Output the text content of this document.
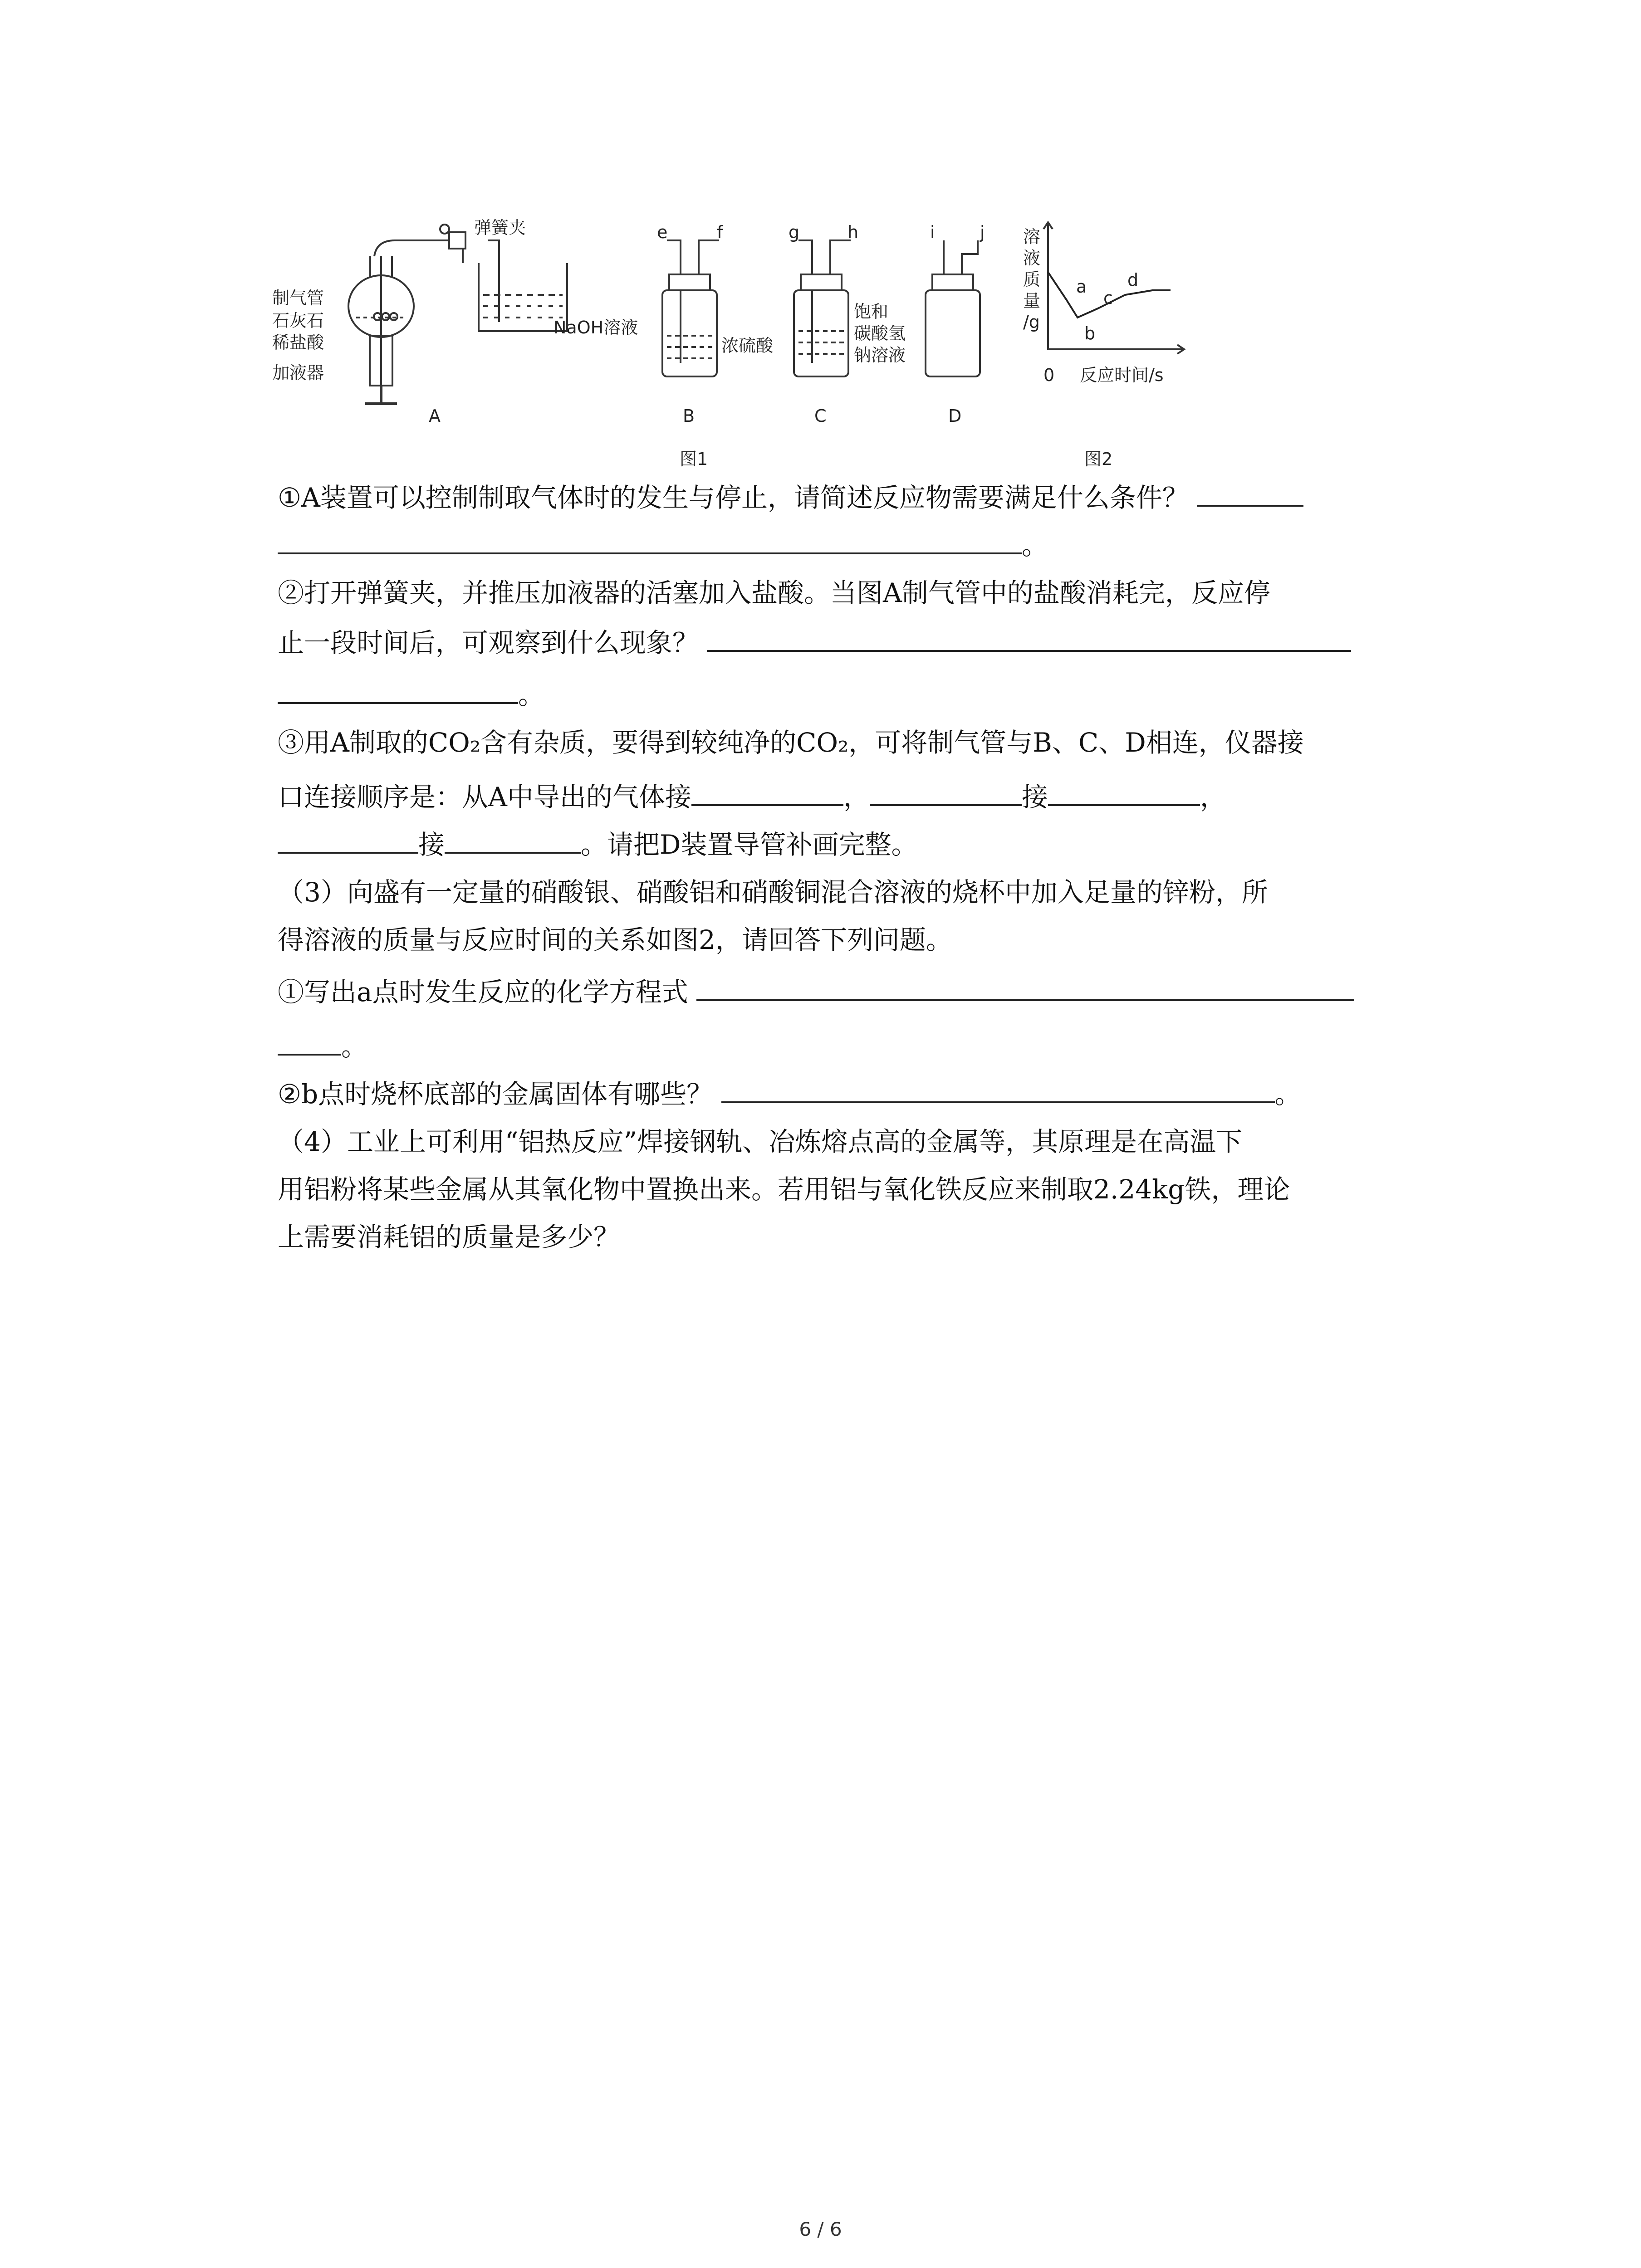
弹簧夹
制气管
石灰石
稀盐酸
加液器
NaOH溶液
A
e	f	g	h	i	j
浓硫酸
饱和
碳酸氢
钠溶液
B	C	D
图1
溶
液
质
量
/g
0 反应时间/s
a
b
c
d
图2
①A装置可以控制制取气体时的发生与停止，请简述反应物需要满足什么条件？
。
②打开弹簧夹，并推压加液器的活塞加入盐酸。当图A制气管中的盐酸消耗完，反应停
止一段时间后，可观察到什么现象？
。
③用A制取的CO₂含有杂质，要得到较纯净的CO₂，可将制气管与B、C、D相连，仪器接
口连接顺序是：从A中导出的气体接	，	接	，
接	。请把D装置导管补画完整。
（3）向盛有一定量的硝酸银、硝酸铝和硝酸铜混合溶液的烧杯中加入足量的锌粉，所
得溶液的质量与反应时间的关系如图2，请回答下列问题。
①写出a点时发生反应的化学方程式
。
②b点时烧杯底部的金属固体有哪些？	。
（4）工业上可利用“铝热反应”焊接钢轨、冶炼熔点高的金属等，其原理是在高温下
用铝粉将某些金属从其氧化物中置换出来。若用铝与氧化铁反应来制取2.24kg铁，理论
上需要消耗铝的质量是多少？
6 / 6
